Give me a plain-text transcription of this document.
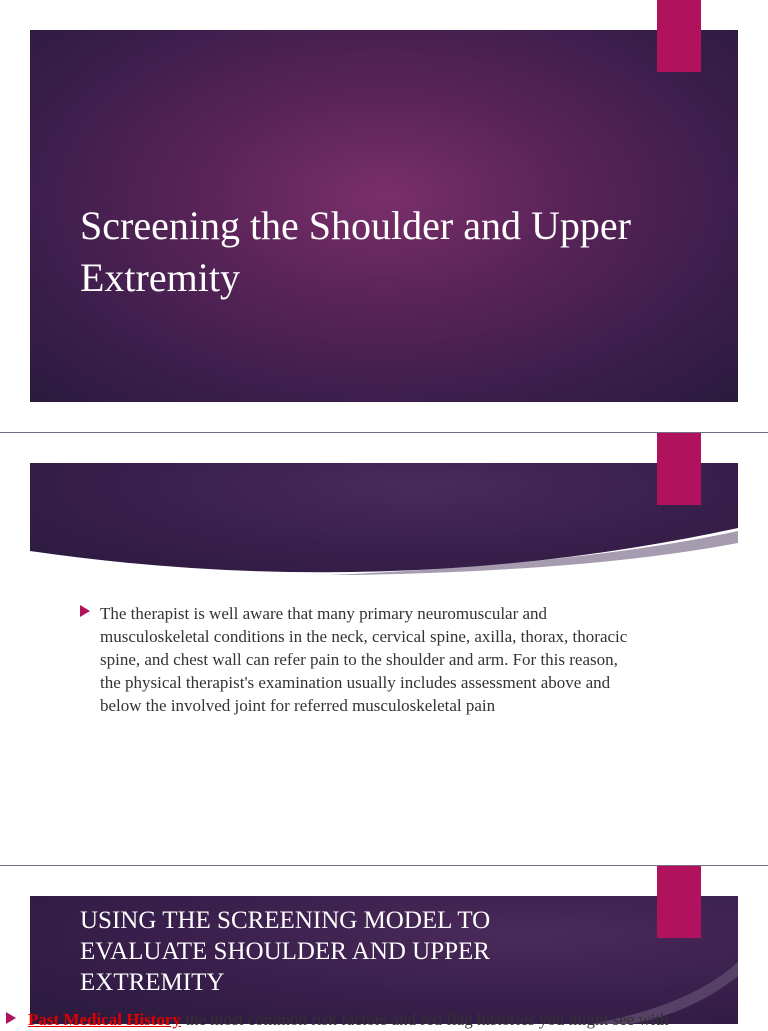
Screening the Shoulder and Upper Extremity
The therapist is well aware that many primary neuromuscular and musculoskeletal conditions in the neck, cervical spine, axilla, thorax, thoracic spine, and chest wall can refer pain to the shoulder and arm. For this reason, the physical therapist's examination usually includes assessment above and below the involved joint for referred musculoskeletal pain
USING THE SCREENING MODEL TO EVALUATE SHOULDER AND UPPER EXTREMITY
Past Medical History the most common risk factors and red flag histories you might see with
